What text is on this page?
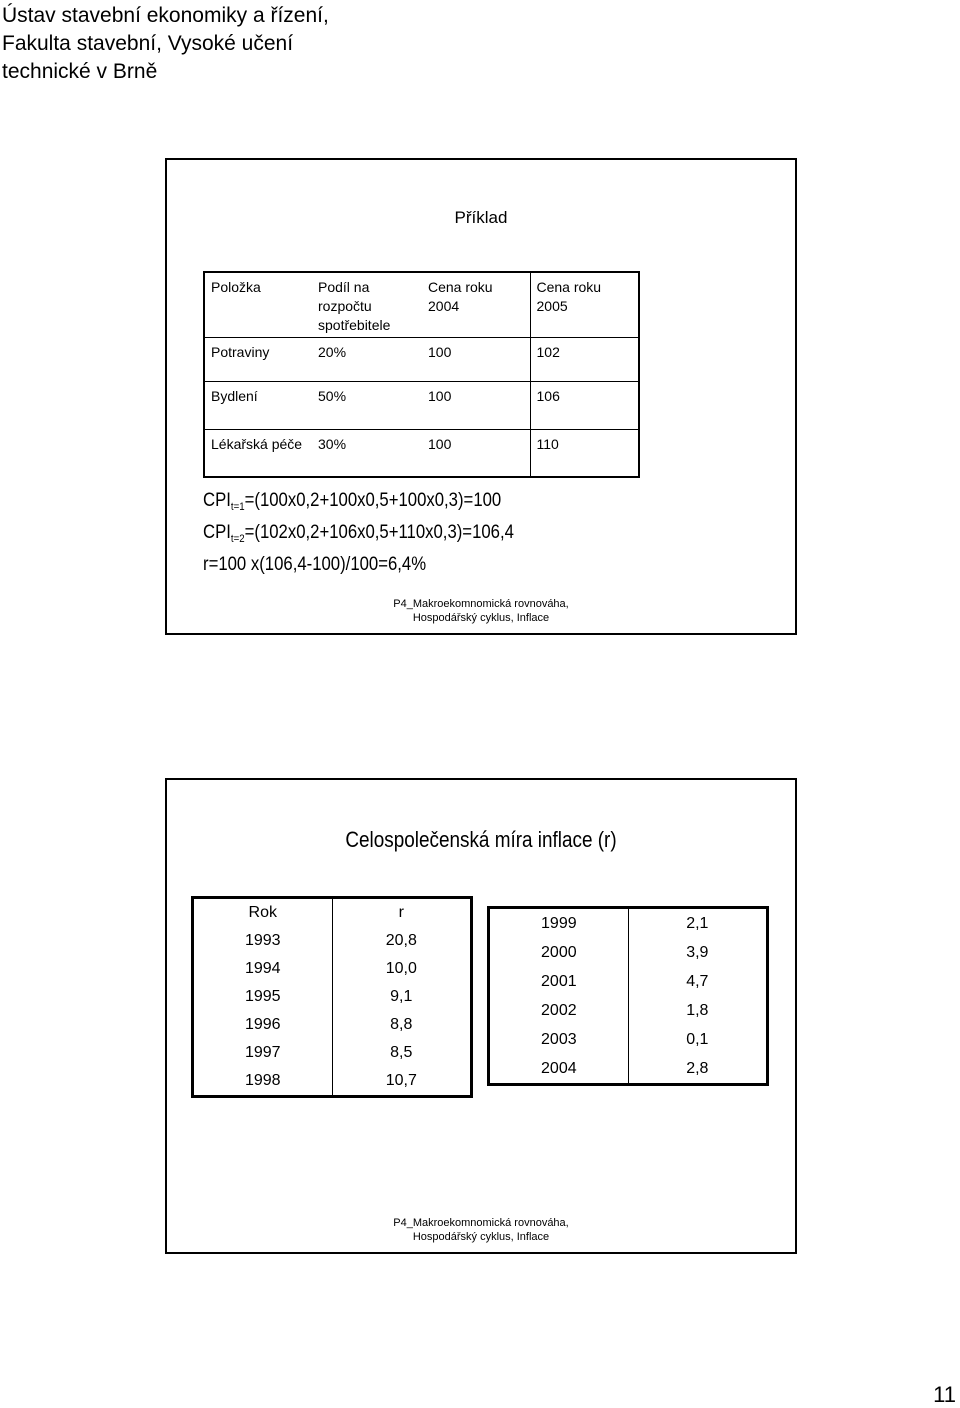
Ústav stavební ekonomiky a řízení,
Fakulta stavební, Vysoké učení
technické v Brně
Příklad
Položka	Podíl na rozpočtu spotřebitele	Cena roku 2004	Cena roku 2005
Potraviny	20%	100	102
Bydlení	50%	100	106
Lékařská péče	30%	100	110
$CPI_{t=1}=(100x0,2+100x0,5+100x0,3)=100$
$CPI_{t=2}=(102x0,2+106x0,5+110x0,3)=106,4$
r=100 x(106,4-100)/100=6,4%
P4_Makroekomnomická rovnováha,
Hospodářský cyklus, Inflace
Celospolečenská míra inflace (r)
Rok	r
1993	20,8
1994	10,0
1995	9,1
1996	8,8
1997	8,5
1998	10,7
1999	2,1
2000	3,9
2001	4,7
2002	1,8
2003	0,1
2004	2,8
P4_Makroekomnomická rovnováha,
Hospodářský cyklus, Inflace
11
